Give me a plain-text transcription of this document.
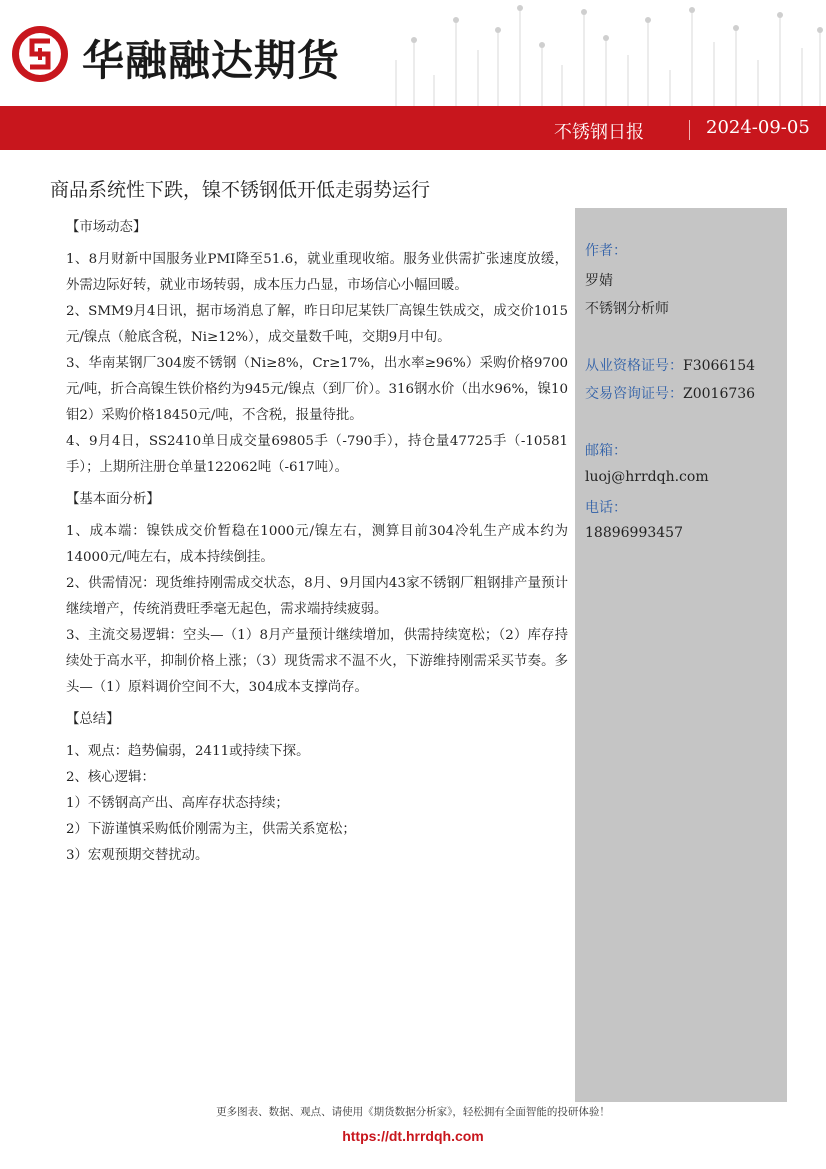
华融融达期货
不锈钢日报	2024-09-05
商品系统性下跌，镍不锈钢低开低走弱势运行

【市场动态】

1、8月财新中国服务业PMI降至51.6，就业重现收缩。服务业供需扩张速度放缓，外需边际好转，就业市场转弱，成本压力凸显，市场信心小幅回暖。

2、SMM9月4日讯，据市场消息了解，昨日印尼某铁厂高镍生铁成交，成交价1015元/镍点（舱底含税，Ni≥12%），成交量数千吨，交期9月中旬。

3、华南某钢厂304废不锈钢（Ni≥8%，Cr≥17%，出水率≥96%）采购价格9700元/吨，折合高镍生铁价格约为945元/镍点（到厂价）。316钢水价（出水96%，镍10钼2）采购价格18450元/吨，不含税，报量待批。

4、9月4日，SS2410单日成交量69805手（-790手），持仓量47725手（-10581手）；上期所注册仓单量122062吨（-617吨）。

【基本面分析】

1、成本端：镍铁成交价暂稳在1000元/镍左右，测算目前304冷轧生产成本约为14000元/吨左右，成本持续倒挂。

2、供需情况：现货维持刚需成交状态，8月、9月国内43家不锈钢厂粗钢排产量预计继续增产，传统消费旺季毫无起色，需求端持续疲弱。

3、主流交易逻辑：空头—（1）8月产量预计继续增加，供需持续宽松；（2）库存持续处于高水平，抑制价格上涨；（3）现货需求不温不火，下游维持刚需采买节奏。多头—（1）原料调价空间不大，304成本支撑尚存。

【总结】

1、观点：趋势偏弱，2411或持续下探。

2、核心逻辑：

1）不锈钢高产出、高库存状态持续；

2）下游谨慎采购低价刚需为主，供需关系宽松；

3）宏观预期交替扰动。

作者：
罗婧
不锈钢分析师
从业资格证号：F3066154
交易咨询证号：Z0016736
邮箱：
luoj@hrrdqh.com
电话：
18896993457
更多图表、数据、观点、请使用《期货数据分析家》，轻松拥有全面智能的投研体验！
https://dt.hrrdqh.com
